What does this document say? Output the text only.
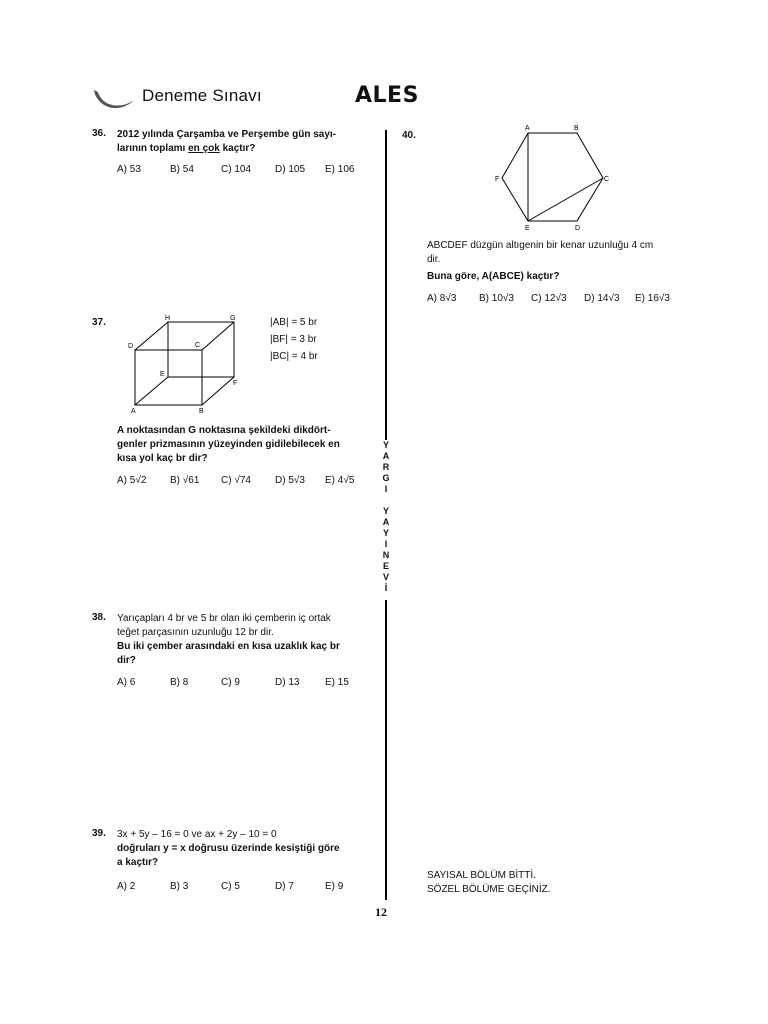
Deneme Sınavı	ALES
Y
A
R
G
I
Y
A
Y
I
N
E
V
İ
36. 2012 yılında Çarşamba ve Perşembe gün sayı-
larının toplamı en çok kaçtır?
A) 53	B) 54	C) 104	D) 105	E) 106
37.
A	B
C
D
E
F
G
H	|AB| = 5 br
|BF| = 3 br
|BC| = 4 br
A noktasından G noktasına şekildeki dikdört-
genler prizmasının yüzeyinden gidilebilecek en
kısa yol kaç br dir?
A) 5√2	B) √61	C) √74	D) 5√3	E) 4√5
38. Yarıçapları 4 br ve 5 br olan iki çemberin iç ortak
teğet parçasının uzunluğu 12 br dir.
Bu iki çember arasındaki en kısa uzaklık kaç br
dir?
A) 6	B) 8	C) 9	D) 13	E) 15
39. 3x + 5y – 16 = 0 ve ax + 2y – 10 = 0
doğruları y = x doğrusu üzerinde kesiştiği göre
a kaçtır?
A) 2	B) 3	C) 5	D) 7	E) 9
40.
A	B
C
D
E
F
ABCDEF düzgün altıgenin bir kenar uzunluğu 4 cm
dir.
Buna göre, A(ABCE) kaçtır?
A) 8√3	B) 10√3	C) 12√3	D) 14√3	E) 16√3
SAYISAL BÖLÜM BİTTİ.
SÖZEL BÖLÜME GEÇİNİZ.
12
